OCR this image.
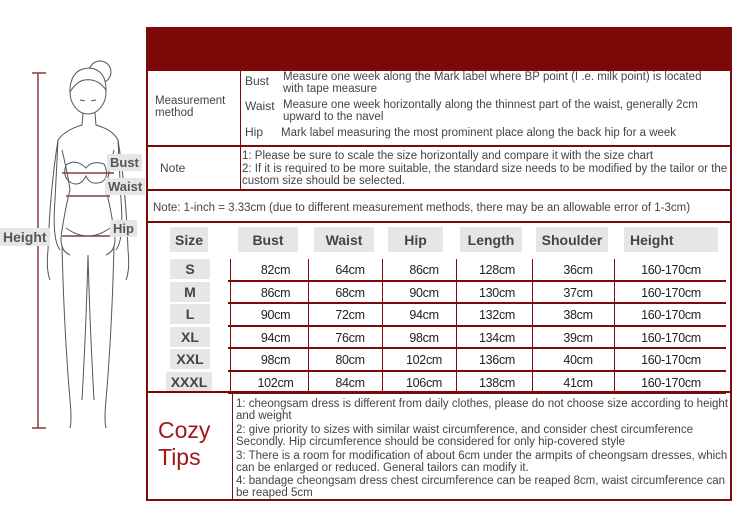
Height
Bust
Waist
Hip
Measurement method
Bust Measure one week along the Mark label where BP point (I .e. milk point) is located with tape measure
Waist Measure one week horizontally along the thinnest part of the waist, generally 2cm upward to the navel
Hip Mark label measuring the most prominent place along the back hip for a week
Note
1: Please be sure to scale the size horizontally and compare it with the size chart
2: If it is required to be more suitable, the standard size needs to be modified by the tailor or the custom size should be selected.
Note: 1-inch = 3.33cm (due to different measurement methods, there may be an allowable error of 1-3cm)
Size	Bust	Waist	Hip	Length	Shoulder	Height
S	82cm	64cm	86cm	128cm	36cm	160-170cm
M	86cm	68cm	90cm	130cm	37cm	160-170cm
L	90cm	72cm	94cm	132cm	38cm	160-170cm
XL	94cm	76cm	98cm	134cm	39cm	160-170cm
XXL	98cm	80cm	102cm	136cm	40cm	160-170cm
XXXL	102cm	84cm	106cm	138cm	41cm	160-170cm
Cozy
Tips
1: cheongsam dress is different from daily clothes, please do not choose size according to height and weight
2: give priority to sizes with similar waist circumference, and consider chest circumference Secondly. Hip circumference should be considered for only hip-covered style
3: There is a room for modification of about 6cm under the armpits of cheongsam dresses, which can be enlarged or reduced. General tailors can modify it.
4: bandage cheongsam dress chest circumference can be reaped 8cm, waist circumference can be reaped 5cm
